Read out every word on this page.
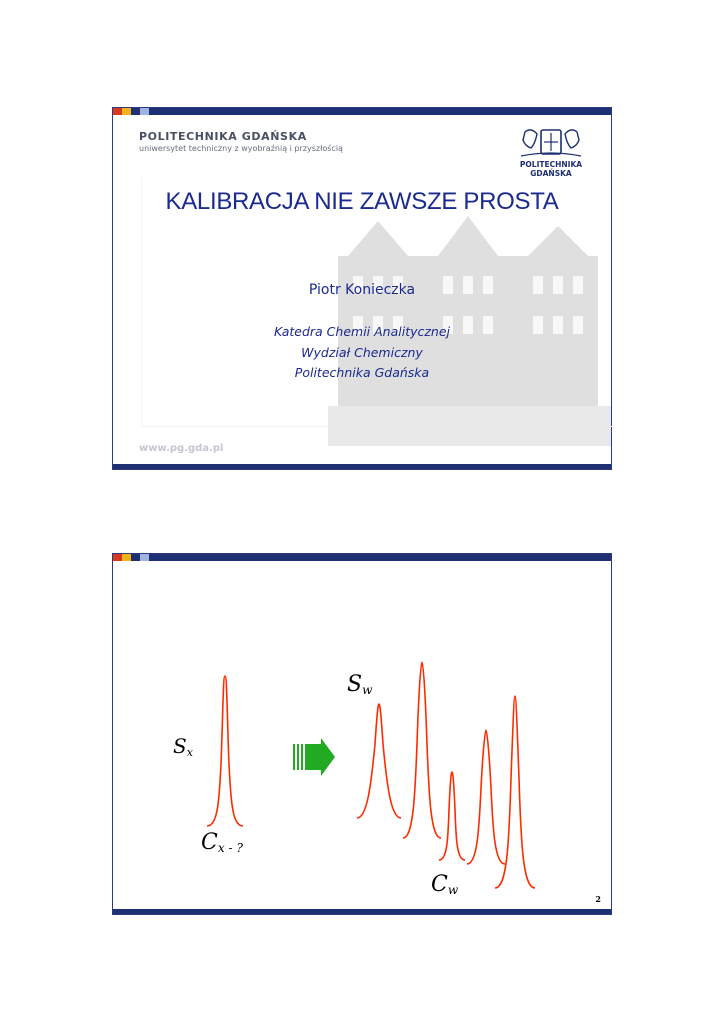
POLITECHNIKA GDAŃSKA
uniwersytet techniczny z wyobraźnią i przyszłością
POLITECHNIKA
GDAŃSKA
KALIBRACJA NIE ZAWSZE PROSTA
Piotr Konieczka
Katedra Chemii Analitycznej
Wydział Chemiczny
Politechnika Gdańska
www.pg.gda.pl
$S_x$
$C_{x - ?}$
$S_w$
$C_w$
2
